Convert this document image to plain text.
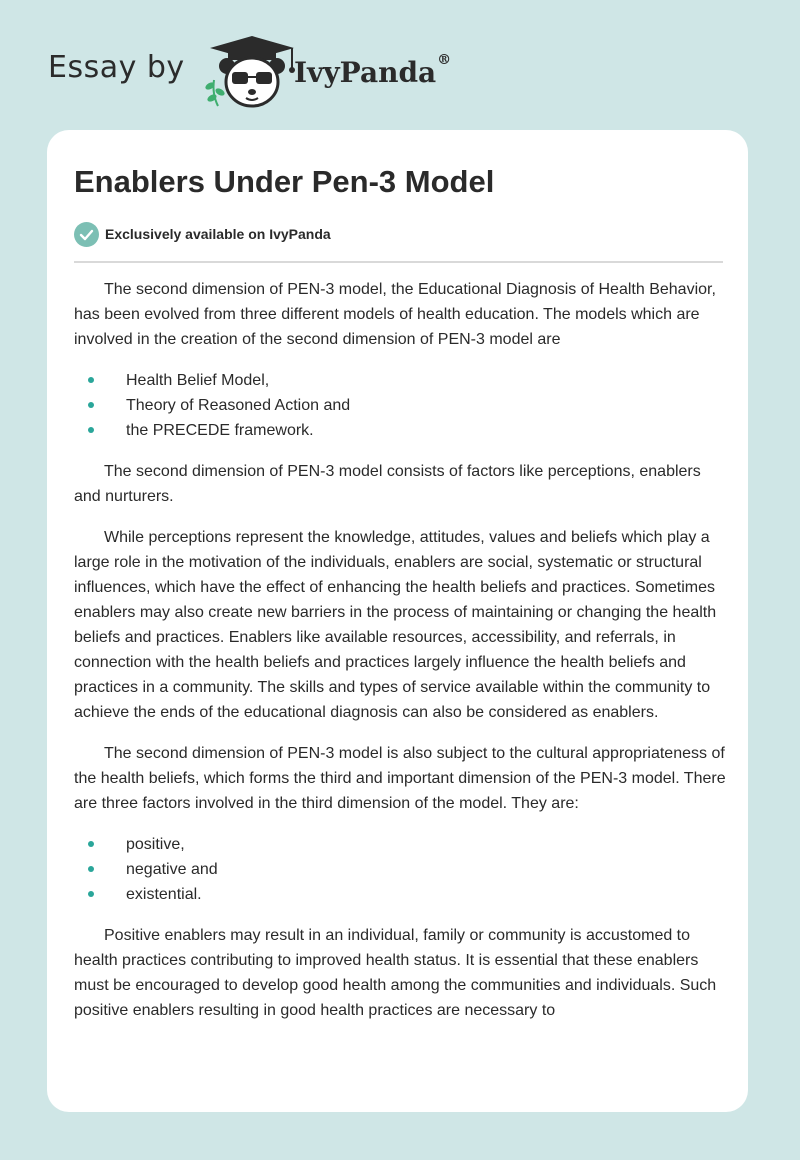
Essay by	IvyPanda®
Enablers Under Pen-3 Model
Exclusively available on IvyPanda

The second dimension of PEN-3 model, the Educational Diagnosis of Health Behavior, has been evolved from three different models of health education. The models which are involved in the creation of the second dimension of PEN-3 model are

Health Belief Model,
Theory of Reasoned Action and
the PRECEDE framework.

The second dimension of PEN-3 model consists of factors like perceptions, enablers and nurturers.

While perceptions represent the knowledge, attitudes, values and beliefs which play a large role in the motivation of the individuals, enablers are social, systematic or structural influences, which have the effect of enhancing the health beliefs and practices. Sometimes enablers may also create new barriers in the process of maintaining or changing the health beliefs and practices. Enablers like available resources, accessibility, and referrals, in connection with the health beliefs and practices largely influence the health beliefs and practices in a community. The skills and types of service available within the community to achieve the ends of the educational diagnosis can also be considered as enablers.

The second dimension of PEN-3 model is also subject to the cultural appropriateness of the health beliefs, which forms the third and important dimension of the PEN-3 model. There are three factors involved in the third dimension of the model. They are:

positive,
negative and
existential.

Positive enablers may result in an individual, family or community is accustomed to health practices contributing to improved health status. It is essential that these enablers must be encouraged to develop good health among the communities and individuals. Such positive enablers resulting in good health practices are necessary to
